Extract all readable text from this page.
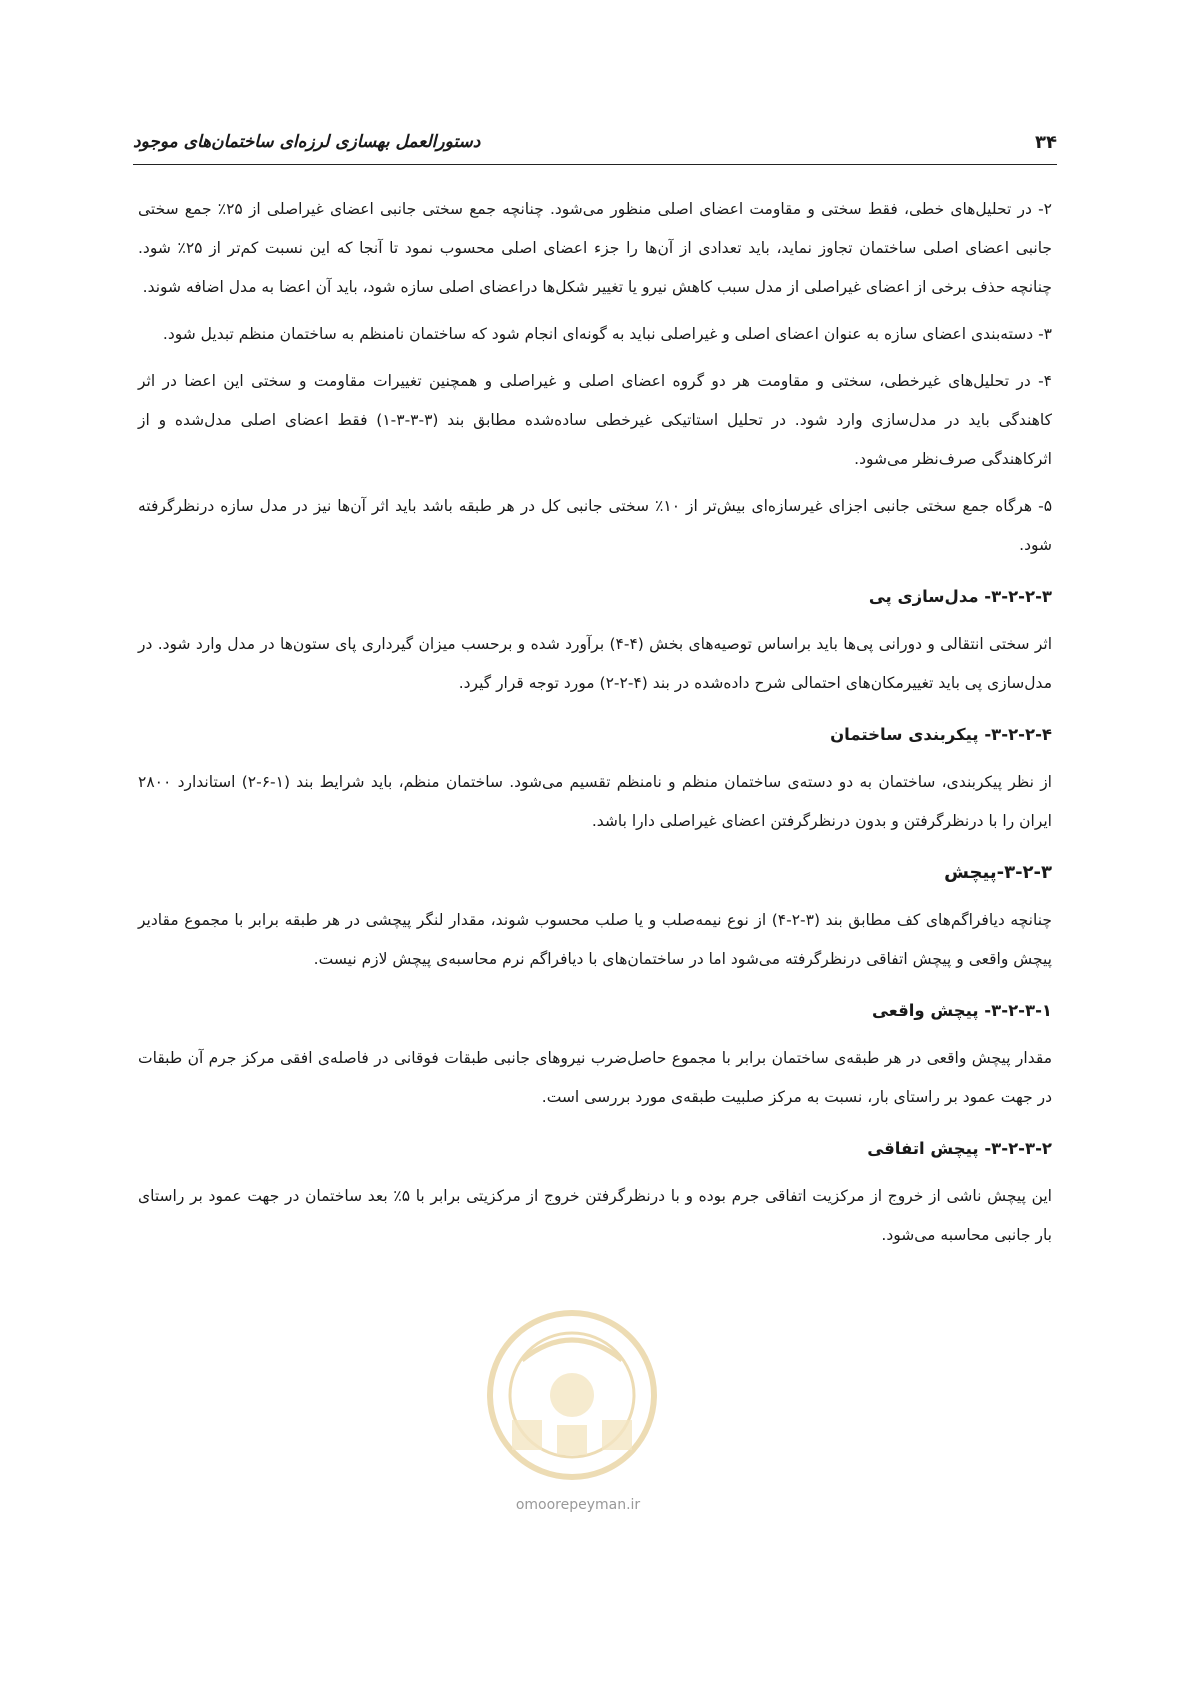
۳۴
دستورالعمل بهسازی لرزه‌ای ساختمان‌های موجود

۲- در تحلیل‌های خطی، فقط سختی و مقاومت اعضای اصلی منظور می‌شود. چنانچه جمع سختی جانبی اعضای غیراصلی از ۲۵٪ جمع سختی جانبی اعضای اصلی ساختمان تجاوز نماید، باید تعدادی از آن‌ها را جزء اعضای اصلی محسوب نمود تا آنجا که این نسبت کم‌تر از ۲۵٪ شود. چنانچه حذف برخی از اعضای غیراصلی از مدل سبب کاهش نیرو یا تغییر شکل‌ها دراعضای اصلی سازه شود، باید آن اعضا به مدل اضافه شوند.

۳- دسته‌بندی اعضای سازه به عنوان اعضای اصلی و غیراصلی نباید به گونه‌ای انجام شود که ساختمان نامنظم به ساختمان منظم تبدیل شود.

۴- در تحلیل‌های غیرخطی، سختی و مقاومت هر دو گروه اعضای اصلی و غیراصلی و همچنین تغییرات مقاومت و سختی این اعضا در اثر کاهندگی باید در مدل‌سازی وارد شود. در تحلیل استاتیکی غیرخطی ساده‌شده مطابق بند (۳-۳-۳-۱) فقط اعضای اصلی مدل‌شده و از اثرکاهندگی صرف‌نظر می‌شود.

۵- هرگاه جمع سختی جانبی اجزای غیرسازه‌ای بیش‌تر از ۱۰٪ سختی جانبی کل در هر طبقه باشد باید اثر آن‌ها نیز در مدل سازه درنظرگرفته شود.

۳-۲-۲-۳- مدل‌سازی پی

اثر سختی انتقالی و دورانی پی‌ها باید براساس توصیه‌های بخش (۴-۴) برآورد شده و برحسب میزان گیرداری پای ستون‌ها در مدل وارد شود. در مدل‌سازی پی باید تغییرمکان‌های احتمالی شرح داده‌شده در بند (۴-۲-۲) مورد توجه قرار گیرد.

۳-۲-۲-۴- پیکربندی ساختمان

از نظر پیکربندی، ساختمان به دو دسته‌ی ساختمان منظم و نامنظم تقسیم می‌شود. ساختمان منظم، باید شرایط بند (۱-۶-۲) استاندارد ۲۸۰۰ ایران را با درنظرگرفتن و بدون درنظرگرفتن اعضای غیراصلی دارا باشد.

۳-۲-۳-پیچش

چنانچه دیافراگم‌های کف مطابق بند (۳-۲-۴) از نوع نیمه‌صلب و یا صلب محسوب شوند، مقدار لنگر پیچشی در هر طبقه برابر با مجموع مقادیر پیچش واقعی و پیچش اتفاقی درنظرگرفته می‌شود اما در ساختمان‌های با دیافراگم نرم محاسبه‌ی پیچش لازم نیست.

۳-۲-۳-۱- پیچش واقعی

مقدار پیچش واقعی در هر طبقه‌ی ساختمان برابر با مجموع حاصل‌ضرب نیروهای جانبی طبقات فوقانی در فاصله‌ی افقی مرکز جرم آن طبقات در جهت عمود بر راستای بار، نسبت به مرکز صلبیت طبقه‌ی مورد بررسی است.

۳-۲-۳-۲- پیچش اتفاقی

این پیچش ناشی از خروج از مرکزیت اتفاقی جرم بوده و با درنظرگرفتن خروج از مرکزیتی برابر با ۵٪ بعد ساختمان در جهت عمود بر راستای بار جانبی محاسبه می‌شود.

omoorepeyman.ir
